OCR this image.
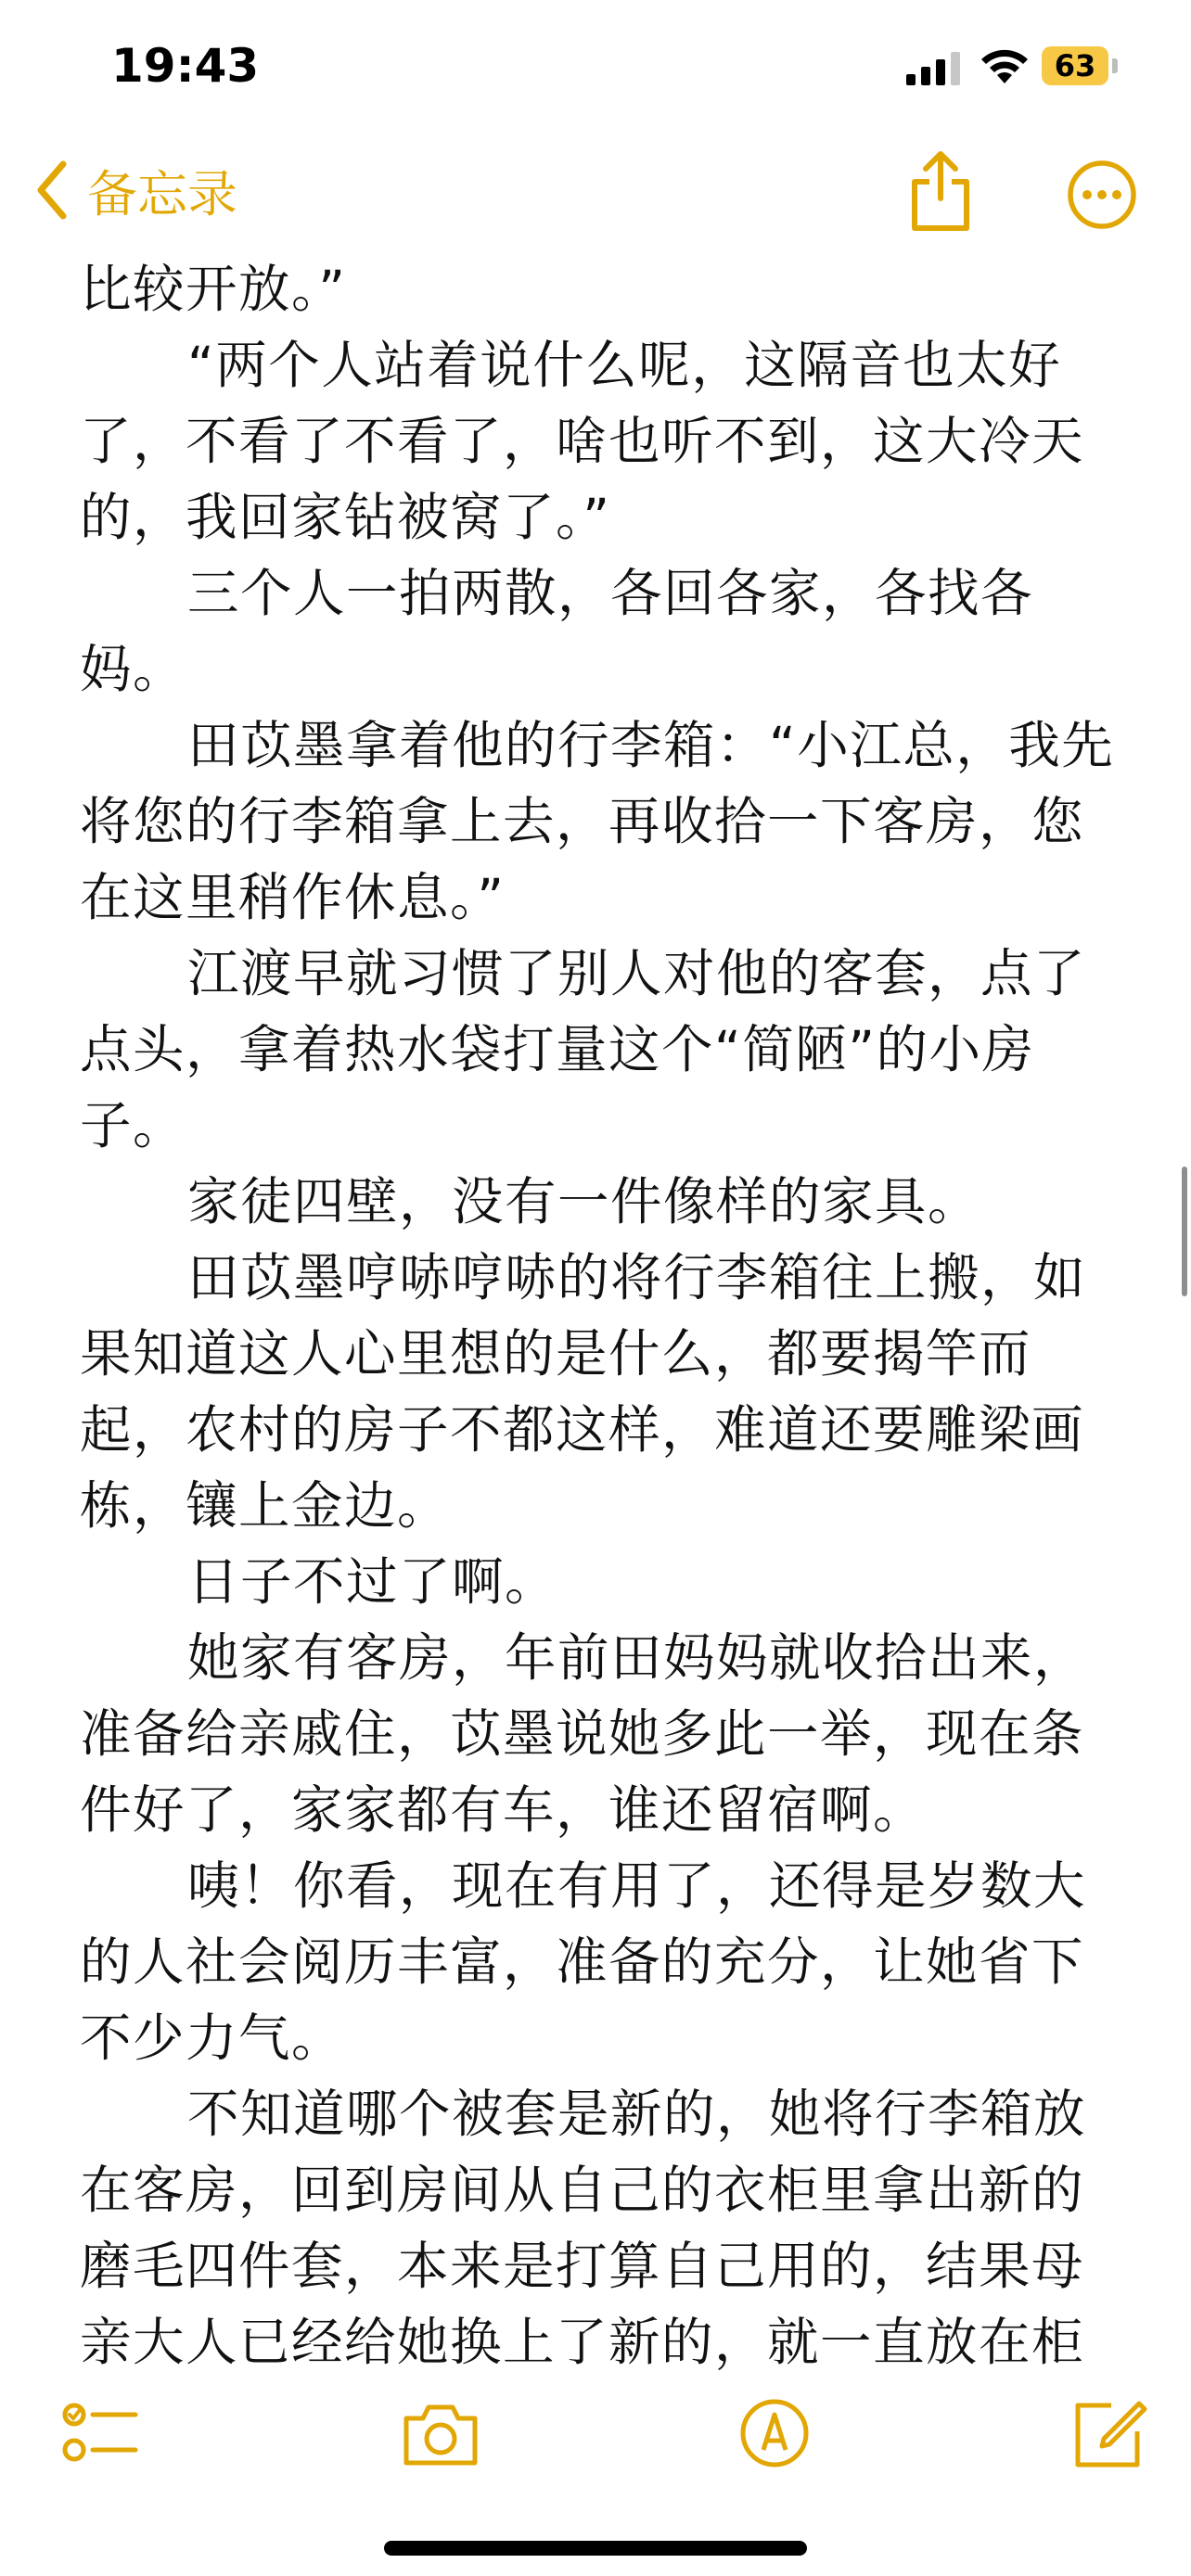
19:43	63
备忘录

比较开放。”

“两个人站着说什么呢，这隔音也太好了，不看了不看了，啥也听不到，这大冷天的，我回家钻被窝了。”

三个人一拍两散，各回各家，各找各妈。

田苡墨拿着他的行李箱：“小江总，我先将您的行李箱拿上去，再收拾一下客房，您在这里稍作休息。”

江渡早就习惯了别人对他的客套，点了点头，拿着热水袋打量这个“简陋”的小房子。

家徒四壁，没有一件像样的家具。

田苡墨哼哧哼哧的将行李箱往上搬，如果知道这人心里想的是什么，都要揭竿而起，农村的房子不都这样，难道还要雕梁画栋，镶上金边。

日子不过了啊。

她家有客房，年前田妈妈就收拾出来，准备给亲戚住，苡墨说她多此一举，现在条件好了，家家都有车，谁还留宿啊。

咦！你看，现在有用了，还得是岁数大的人社会阅历丰富，准备的充分，让她省下不少力气。

不知道哪个被套是新的，她将行李箱放在客房，回到房间从自己的衣柜里拿出新的磨毛四件套，本来是打算自己用的，结果母亲大人已经给她换上了新的，就一直放在柜
